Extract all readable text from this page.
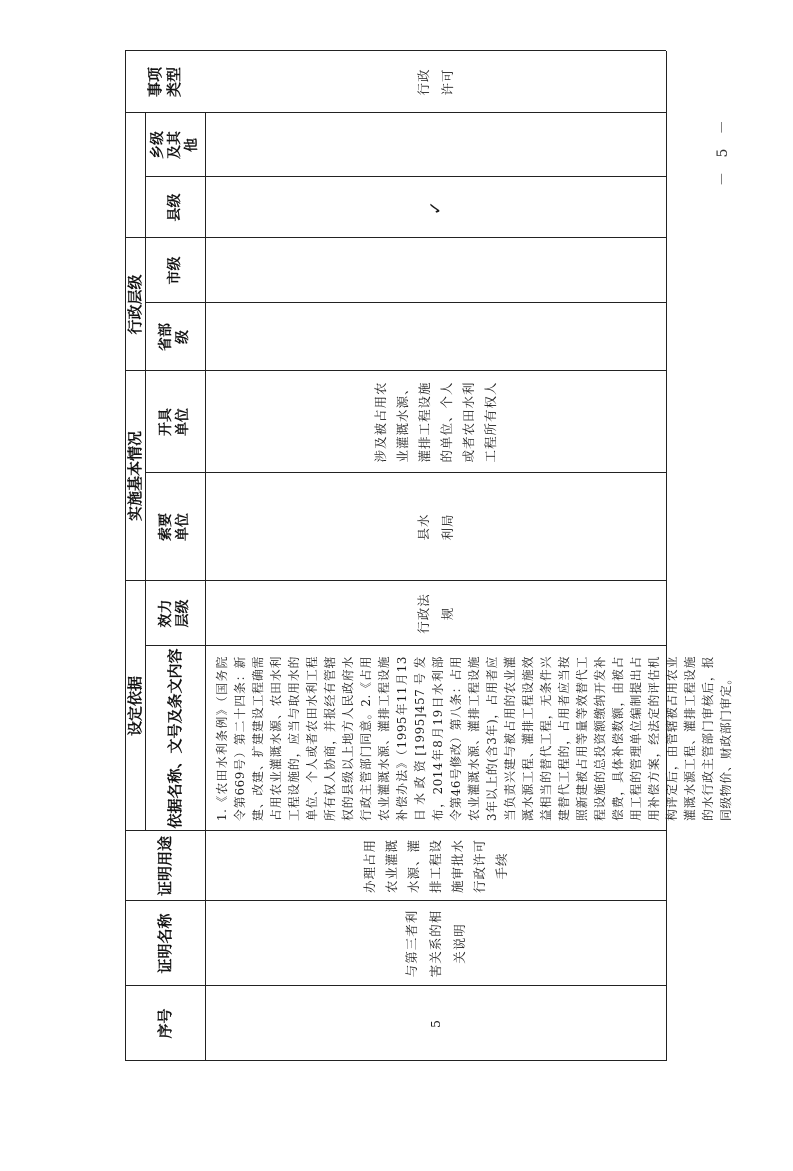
序号
证明名称
证明用途
设定依据	依据名称、文号及条文内容
效力层级
实施基本情况
索要单位
开具单位
行政层级
省部级
市级
县级
乡级及其他
5
与第三者利害关系的相关说明
办理占用农业灌溉水源、灌排工程设施审批水行政许可手续
1.《农田水利条例》（国务院令第669号）第二十四条：新建、改建、扩建建设工程确需占用农业灌溉水源、农田水利工程设施的，应当与取用水的单位、个人或者农田水利工程所有权人协商，并报经有管辖权的县级以上地方人民政府水行政主管部门同意。2.《占用农业灌溉水源、灌排工程设施补偿办法》（1995年11月13日水政资[1995]457号发布，2014年8月19日水利部令第46号修改）第八条：占用农业灌溉水源、灌排工程设施3年以上的(含3年)，占用者应当负责兴建与被占用的农业灌溉水源工程、灌排工程设施效益相当的替代工程，无条件兴建替代工程的，占用者应当按照新建被占用等量等效替代工程设施的总投资额缴纳开发补偿费，具体补偿数额，由被占用工程的管理单位编制提出占用补偿方案，经法定的评估机构评定后，由管辖被占用农业灌溉水源工程、灌排工程设施的水行政主管部门审核后，报同级物价、财政部门审定。
行政法规
县水利局
涉及被占用农业灌溉水源、灌排工程设施的单位、个人或者农田水利工程所有权人
✓
－ 5 －
事项类型	行政许可
